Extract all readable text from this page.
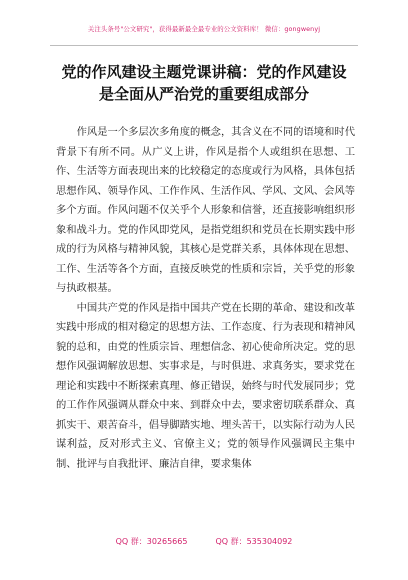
关注头条号"公文研究"，获得最新最全最专业的公文资料库！ 微信：gongwenyj
党的作风建设主题党课讲稿：党的作风建设是全面从严治党的重要组成部分

作风是一个多层次多角度的概念，其含义在不同的语境和时代背景下有所不同。从广义上讲，作风是指个人或组织在思想、工作、生活等方面表现出来的比较稳定的态度或行为风格，具体包括思想作风、领导作风、工作作风、生活作风、学风、文风、会风等多个方面。作风问题不仅关乎个人形象和信誉，还直接影响组织形象和战斗力。党的作风即党风，是指党组织和党员在长期实践中形成的行为风格与精神风貌，其核心是党群关系，具体体现在思想、工作、生活等各个方面，直接反映党的性质和宗旨，关乎党的形象与执政根基。

中国共产党的作风是指中国共产党在长期的革命、建设和改革实践中形成的相对稳定的思想方法、工作态度、行为表现和精神风貌的总和，由党的性质宗旨、理想信念、初心使命所决定。党的思想作风强调解放思想、实事求是，与时俱进、求真务实，要求党在理论和实践中不断探索真理、修正错误，始终与时代发展同步；党的工作作风强调从群众中来、到群众中去，要求密切联系群众、真抓实干、艰苦奋斗，倡导脚踏实地、埋头苦干，以实际行动为人民谋利益，反对形式主义、官僚主义；党的领导作风强调民主集中制、批评与自我批评、廉洁自律，要求集体

QQ 群：30265665	QQ 群：535304092
